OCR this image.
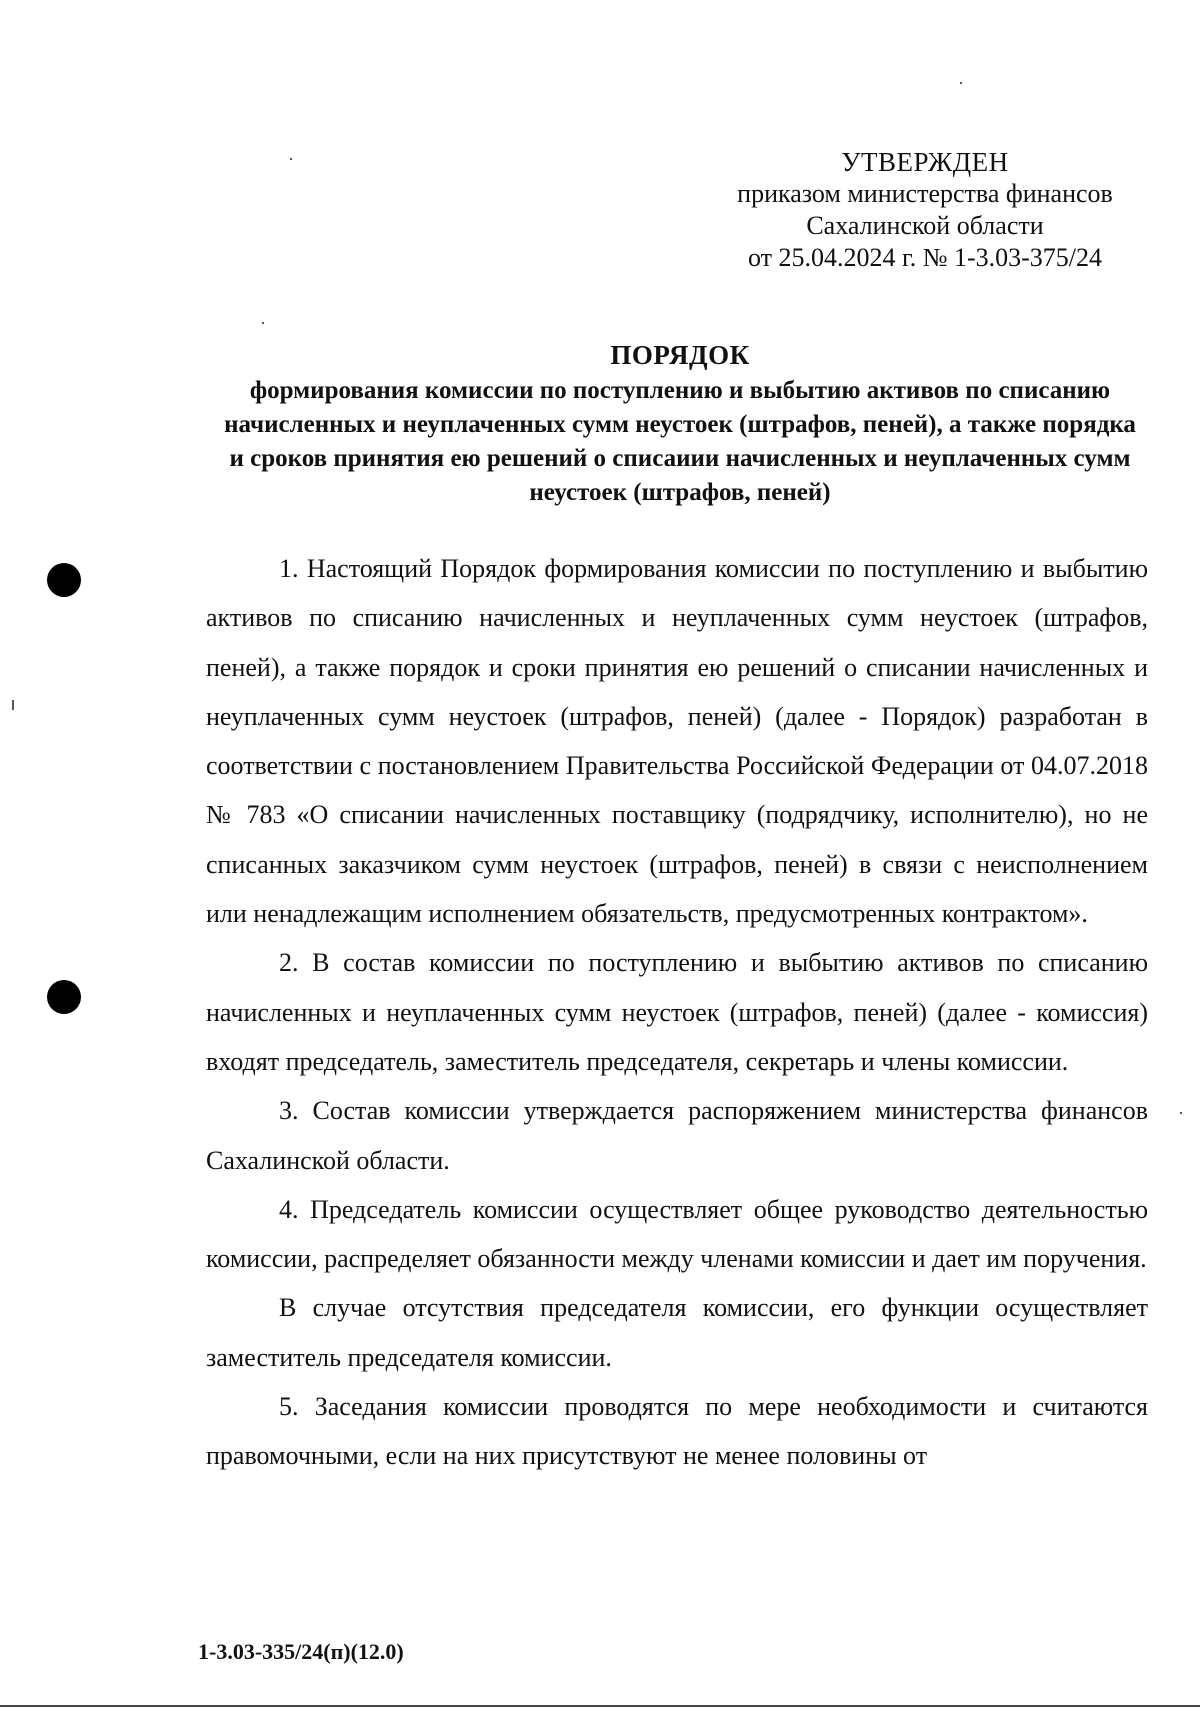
УТВЕРЖДЕН
приказом министерства финансов
Сахалинской области
от 25.04.2024 г. № 1-3.03-375/24
ПОРЯДОК
формирования комиссии по поступлению и выбытию активов по списанию начисленных и неуплаченных сумм неустоек (штрафов, пеней), а также порядка и сроков принятия ею решений о списаиии начисленных и неуплаченных сумм неустоек (штрафов, пеней)

1. Настоящий Порядок формирования комиссии по поступлению и выбытию активов по списанию начисленных и неуплаченных сумм неустоек (штрафов, пеней), а также порядок и сроки принятия ею решений о списании начисленных и неуплаченных сумм неустоек (штрафов, пеней) (далее - Порядок) разработан в соответствии с постановлением Правительства Российской Федерации от 04.07.2018 № 783 «О списании начисленных поставщику (подрядчику, исполнителю), но не списанных заказчиком сумм неустоек (штрафов, пеней) в связи с неисполнением или ненадлежащим исполнением обязательств, предусмотренных контрактом».

2. В состав комиссии по поступлению и выбытию активов по списанию начисленных и неуплаченных сумм неустоек (штрафов, пеней) (далее - комиссия) входят председатель, заместитель председателя, секретарь и члены комиссии.

3. Состав комиссии утверждается распоряжением министерства финансов Сахалинской области.

4. Председатель комиссии осуществляет общее руководство деятельностью комиссии, распределяет обязанности между членами комиссии и дает им поручения.

В случае отсутствия председателя комиссии, его функции осуществляет заместитель председателя комиссии.

5. Заседания комиссии проводятся по мере необходимости и считаются правомочными, если на них присутствуют не менее половины от

1-3.03-335/24(п)(12.0)
